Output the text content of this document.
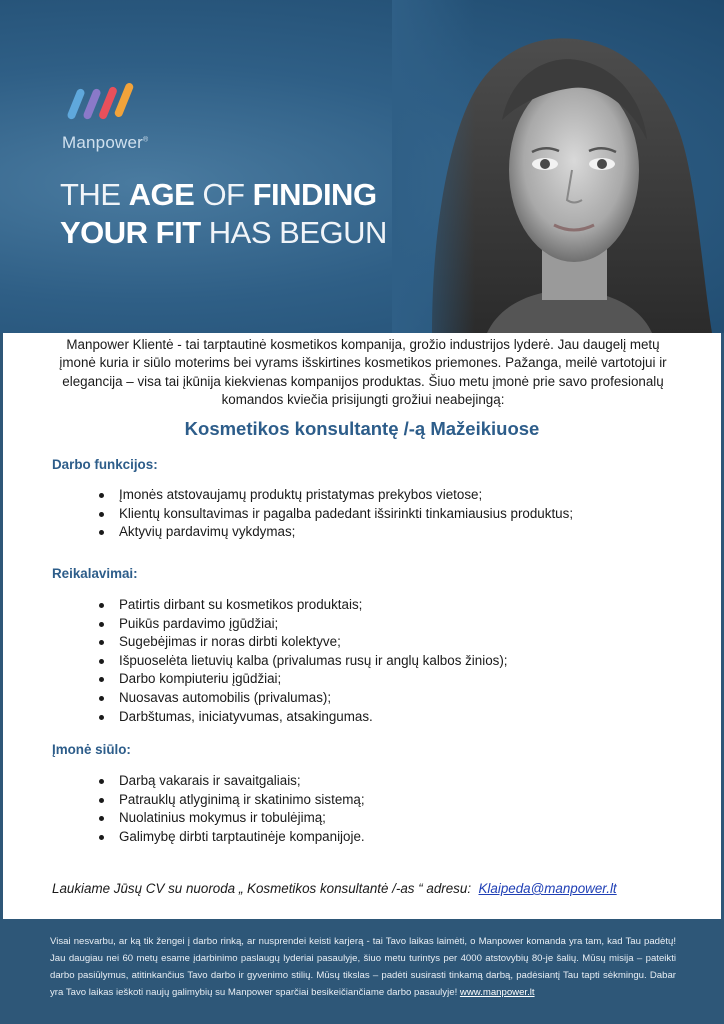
Manpower®
THE AGE OF FINDING
YOUR FIT HAS BEGUN
Manpower Klientė - tai tarptautinė kosmetikos kompanija, grožio industrijos lyderė. Jau daugelį metų įmonė kuria ir siūlo moterims bei vyrams išskirtines kosmetikos priemones. Pažanga, meilė vartotojui ir elegancija – visa tai įkūnija kiekvienas kompanijos produktas. Šiuo metu įmonė prie savo profesionalų komandos kviečia prisijungti grožiui neabejingą:
Kosmetikos konsultantę /-ą Mažeikiuose
Darbo funkcijos:
Įmonės atstovaujamų produktų pristatymas prekybos vietose;
Klientų konsultavimas ir pagalba padedant išsirinkti tinkamiausius produktus;
Aktyvių pardavimų vykdymas;
Reikalavimai:
Patirtis dirbant su kosmetikos produktais;
Puikūs pardavimo įgūdžiai;
Sugebėjimas ir noras dirbti kolektyve;
Išpuoselėta lietuvių kalba (privalumas rusų ir anglų kalbos žinios);
Darbo kompiuteriu įgūdžiai;
Nuosavas automobilis (privalumas);
Darbštumas, iniciatyvumas, atsakingumas.
Įmonė siūlo:
Darbą vakarais ir savaitgaliais;
Patrauklų atlyginimą ir skatinimo sistemą;
Nuolatinius mokymus ir tobulėjimą;
Galimybę dirbti tarptautinėje kompanijoje.
Laukiame Jūsų CV su nuoroda „ Kosmetikos konsultantė /-as “ adresu: Klaipeda@manpower.lt
Visai nesvarbu, ar ką tik žengei į darbo rinką, ar nusprendei keisti karjerą - tai Tavo laikas laimėti, o Manpower komanda yra tam, kad Tau padėtų! Jau daugiau nei 60 metų esame įdarbinimo paslaugų lyderiai pasaulyje, šiuo metu turintys per 4000 atstovybių 80-je šalių. Mūsų misija – pateikti darbo pasiūlymus, atitinkančius Tavo darbo ir gyvenimo stilių. Mūsų tikslas – padėti susirasti tinkamą darbą, padėsiantį Tau tapti sėkmingu. Dabar yra Tavo laikas ieškoti naujų galimybių su Manpower sparčiai besikeičiančiame darbo pasaulyje! www.manpower.lt
